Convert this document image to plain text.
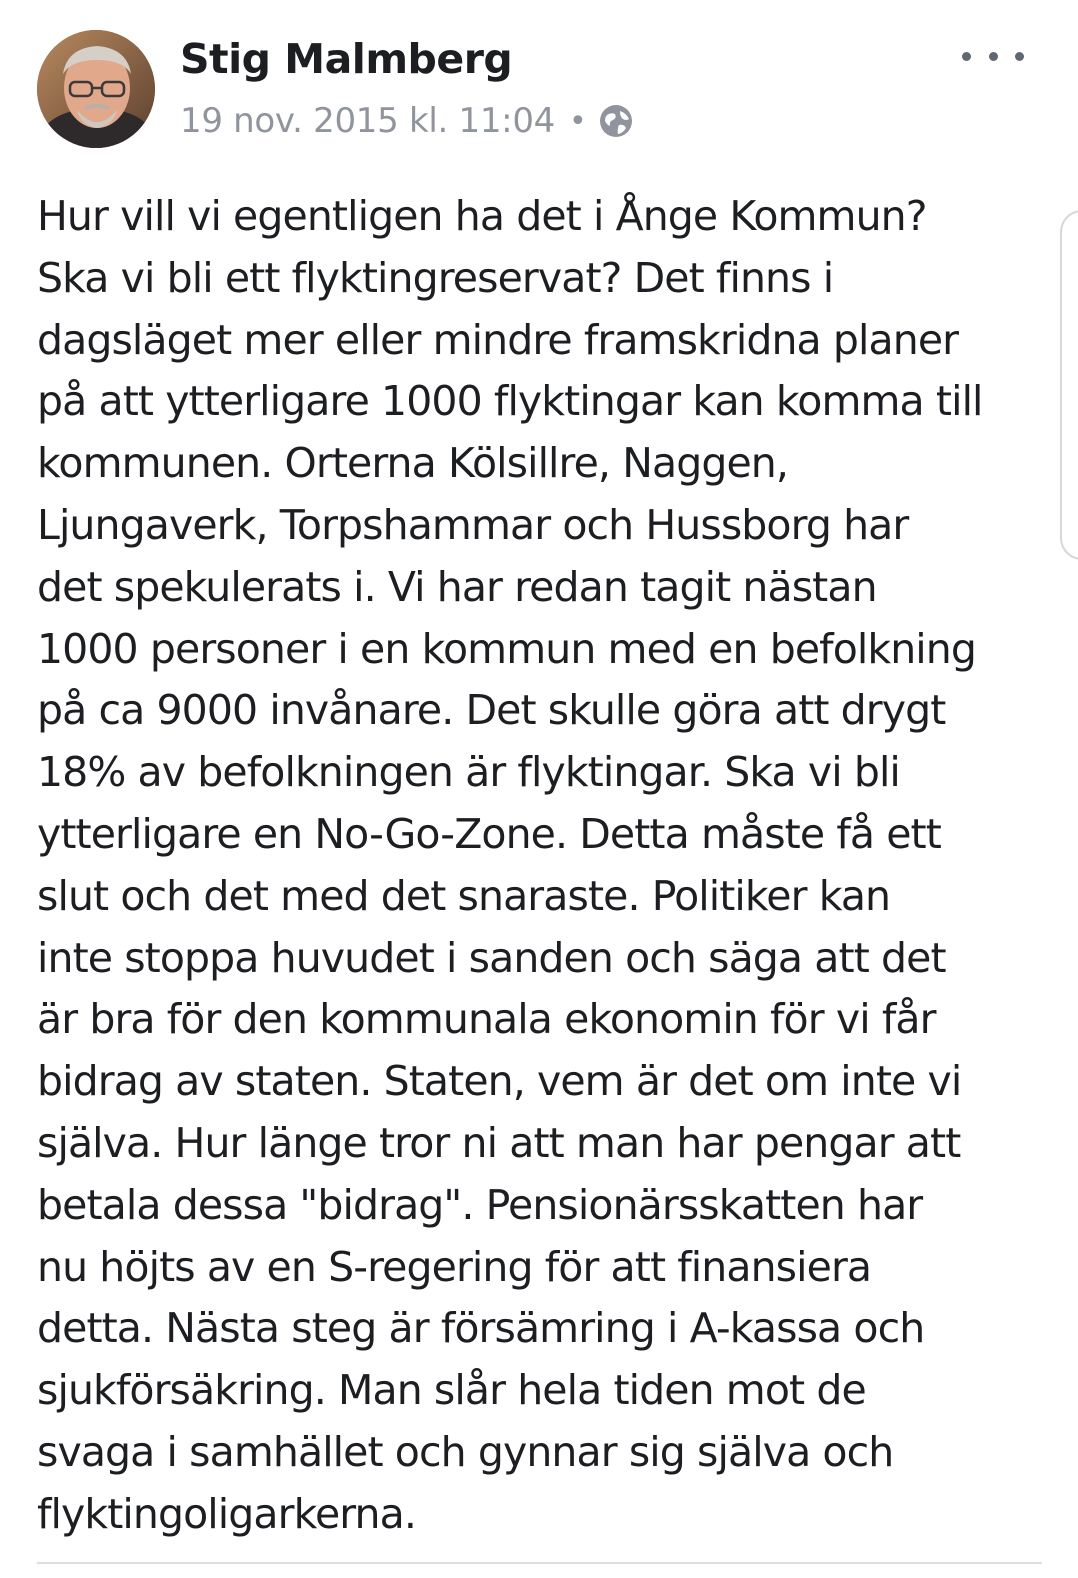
Stig Malmberg
19 nov. 2015 kl. 11:04 •

Hur vill vi egentligen ha det i Ånge Kommun?
Ska vi bli ett flyktingreservat? Det finns i
dagsläget mer eller mindre framskridna planer
på att ytterligare 1000 flyktingar kan komma till
kommunen. Orterna Kölsillre, Naggen,
Ljungaverk, Torpshammar och Hussborg har
det spekulerats i. Vi har redan tagit nästan
1000 personer i en kommun med en befolkning
på ca 9000 invånare. Det skulle göra att drygt
18% av befolkningen är flyktingar. Ska vi bli
ytterligare en No-Go-Zone. Detta måste få ett
slut och det med det snaraste. Politiker kan
inte stoppa huvudet i sanden och säga att det
är bra för den kommunala ekonomin för vi får
bidrag av staten. Staten, vem är det om inte vi
själva. Hur länge tror ni att man har pengar att
betala dessa "bidrag". Pensionärsskatten har
nu höjts av en S-regering för att finansiera
detta. Nästa steg är försämring i A-kassa och
sjukförsäkring. Man slår hela tiden mot de
svaga i samhället och gynnar sig själva och
flyktingoligarkerna.
